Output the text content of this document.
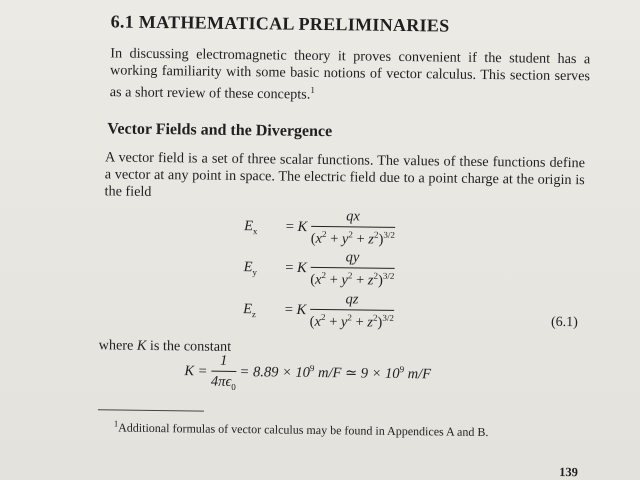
6.1 MATHEMATICAL PRELIMINARIES
In discussing electromagnetic theory it proves convenient if the student has a working familiarity with some basic notions of vector calculus. This section serves as a short review of these concepts.$^1$
Vector Fields and the Divergence
A vector field is a set of three scalar functions. The values of these functions define a vector at any point in space. The electric field due to a point charge at the origin is the field
$E_x = K \frac{qx}{(x^2 + y^2 + z^2)^{3/2}}$
$E_y = K \frac{qy}{(x^2 + y^2 + z^2)^{3/2}}$
$E_z = K \frac{qz}{(x^2 + y^2 + z^2)^{3/2}}$	(6.1)
where K is the constant
$K = \frac{1}{4\pi\epsilon_0} = 8.89 \times 10^9$ m/F ≃ $9 \times 10^9$ m/F
$^1$Additional formulas of vector calculus may be found in Appendices A and B.
139
